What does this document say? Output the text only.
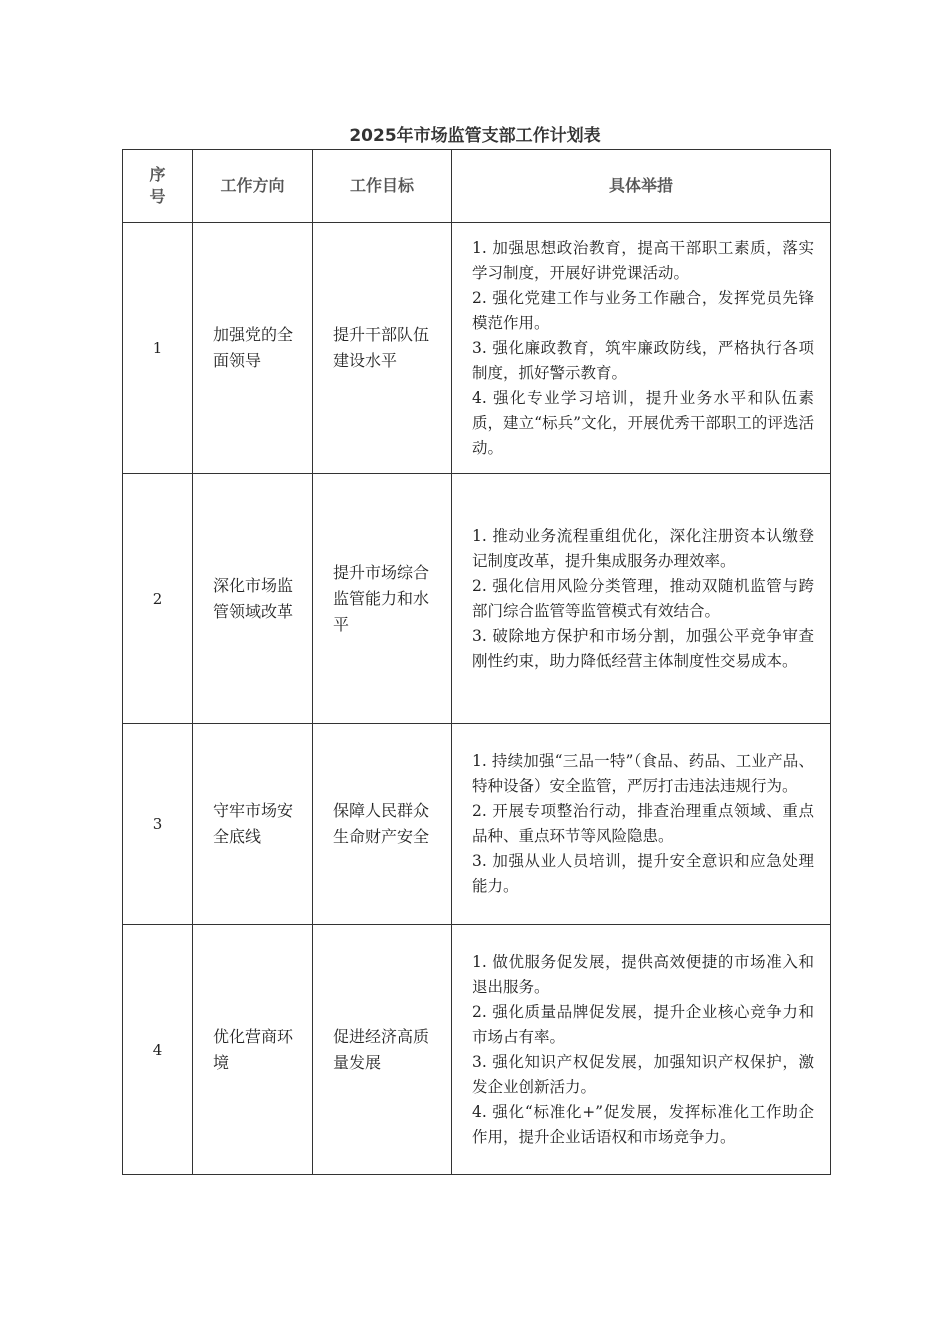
2025年市场监管支部工作计划表
序号	工作方向	工作目标	具体举措
1	加强党的全面领导	提升干部队伍建设水平	1. 加强思想政治教育，提高干部职工素质，落实学习制度，开展好讲党课活动。
2. 强化党建工作与业务工作融合，发挥党员先锋模范作用。
3. 强化廉政教育，筑牢廉政防线，严格执行各项制度，抓好警示教育。
4. 强化专业学习培训，提升业务水平和队伍素质，建立“标兵”文化，开展优秀干部职工的评选活动。

2	深化市场监管领域改革	提升市场综合监管能力和水平	1. 推动业务流程重组优化，深化注册资本认缴登记制度改革，提升集成服务办理效率。
2. 强化信用风险分类管理，推动双随机监管与跨部门综合监管等监管模式有效结合。
3. 破除地方保护和市场分割，加强公平竞争审查刚性约束，助力降低经营主体制度性交易成本。

3	守牢市场安全底线	保障人民群众生命财产安全	1. 持续加强“三品一特”（食品、药品、工业产品、特种设备）安全监管，严厉打击违法违规行为。
2. 开展专项整治行动，排查治理重点领域、重点品种、重点环节等风险隐患。
3. 加强从业人员培训，提升安全意识和应急处理能力。

4	优化营商环境	促进经济高质量发展	1. 做优服务促发展，提供高效便捷的市场准入和退出服务。
2. 强化质量品牌促发展，提升企业核心竞争力和市场占有率。
3. 强化知识产权促发展，加强知识产权保护，激发企业创新活力。
4. 强化“标准化+”促发展，发挥标准化工作助企作用，提升企业话语权和市场竞争力。
